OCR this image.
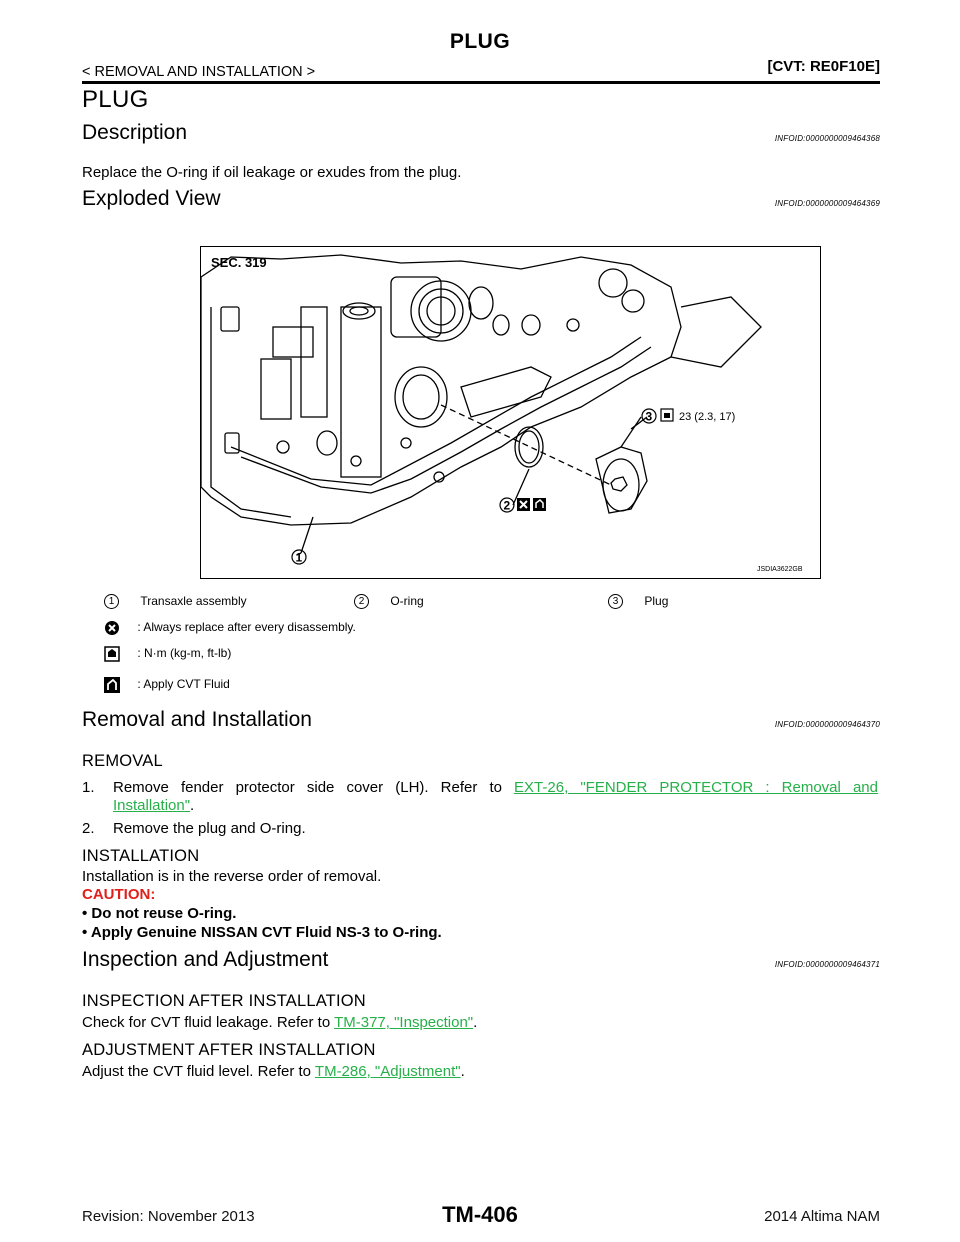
PLUG
< REMOVAL AND INSTALLATION >	[CVT: RE0F10E]
PLUG
Description	INFOID:0000000009464368
Replace the O-ring if oil leakage or exudes from the plug.
Exploded View	INFOID:0000000009464369
SEC. 319
3 23 (2.3, 17)
2
1
JSDIA3622GB
1 Transaxle assembly	2 O-ring	3 Plug
: Always replace after every disassembly.
: N·m (kg-m, ft-lb)
: Apply CVT Fluid
Removal and Installation	INFOID:0000000009464370
REMOVAL
1. Remove fender protector side cover (LH). Refer to EXT-26, "FENDER PROTECTOR : Removal and
Installation".
2. Remove the plug and O-ring.
INSTALLATION
Installation is in the reverse order of removal.
CAUTION:
• Do not reuse O-ring.
• Apply Genuine NISSAN CVT Fluid NS-3 to O-ring.
Inspection and Adjustment	INFOID:0000000009464371
INSPECTION AFTER INSTALLATION
Check for CVT fluid leakage. Refer to TM-377, "Inspection".
ADJUSTMENT AFTER INSTALLATION
Adjust the CVT fluid level. Refer to TM-286, "Adjustment".
Revision: November 2013	TM-406	2014 Altima NAM
